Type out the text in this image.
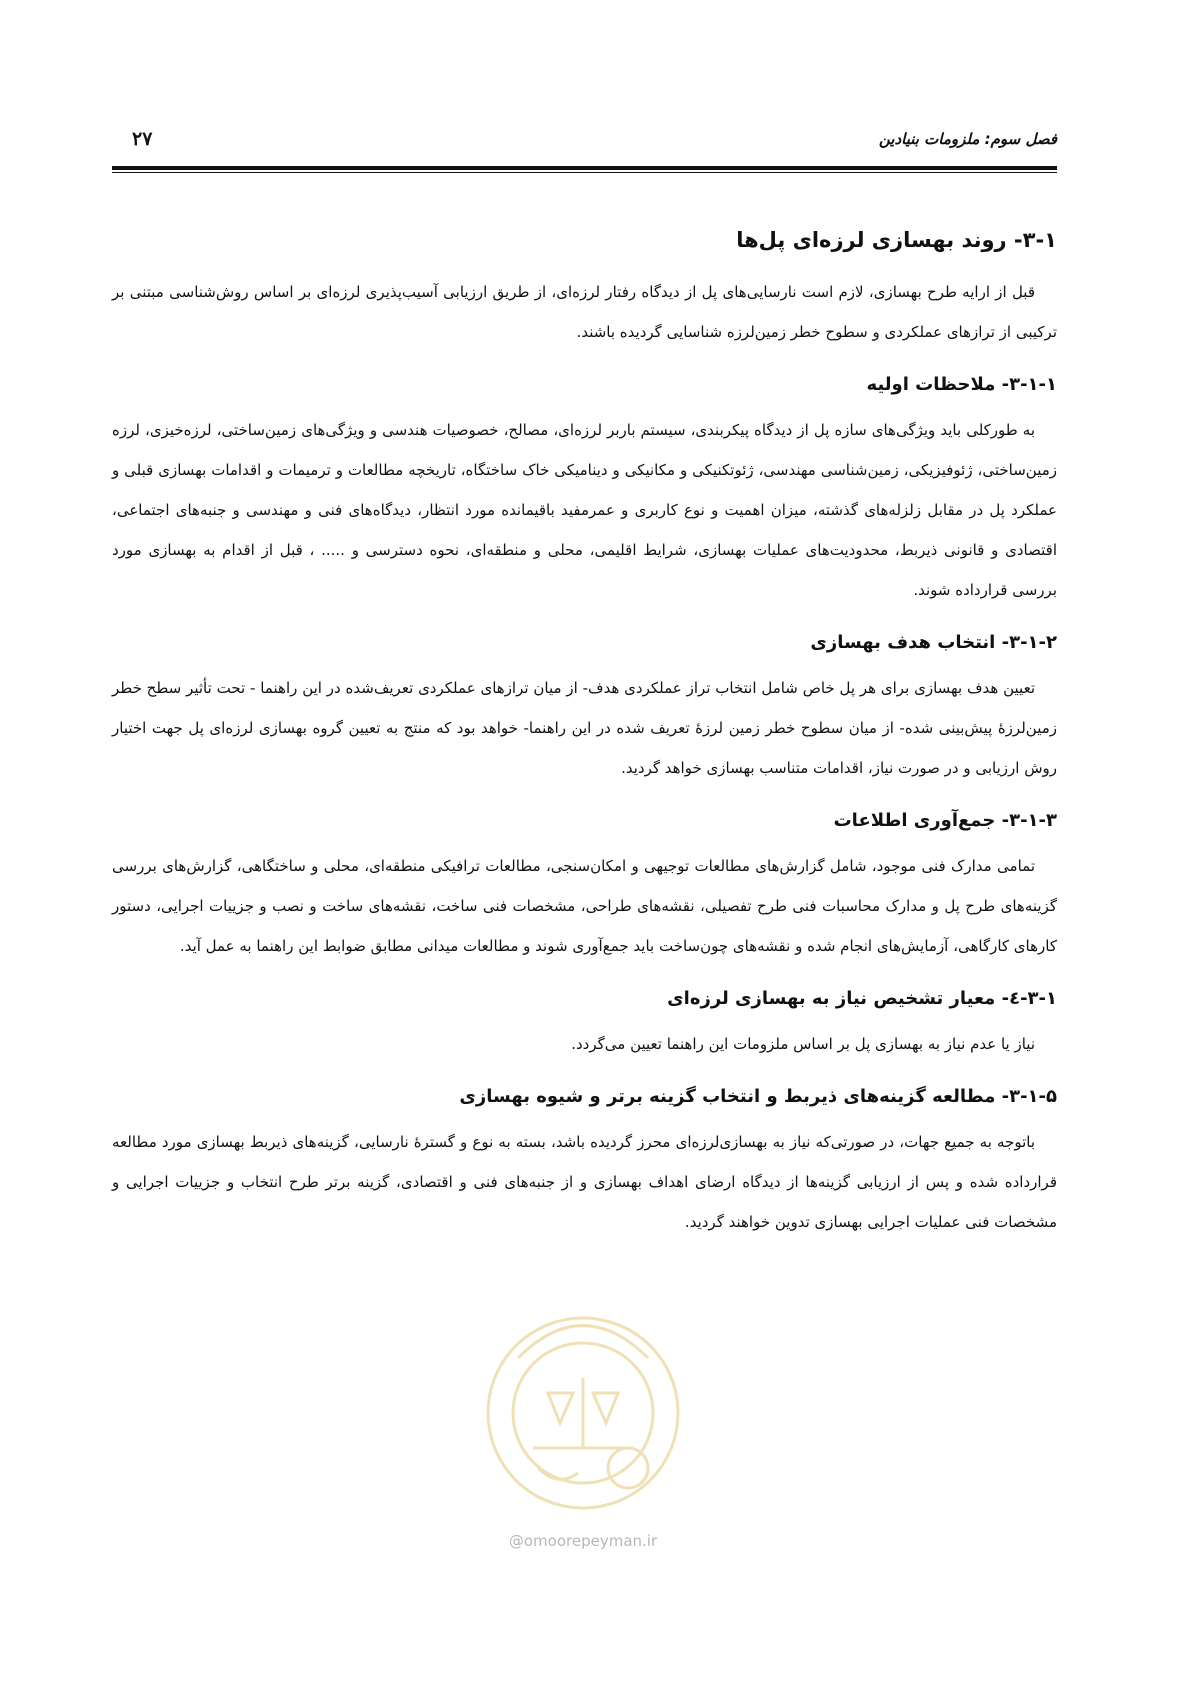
فصل سوم: ملزومات بنیادین
۲۷
۳-۱- روند بهسازی لرزه‌ای پل‌ها

قبل از ارایه طرح بهسازی، لازم است نارسایی‌های پل از دیدگاه رفتار لرزه‌ای، از طریق ارزیابی آسیب‌پذیری لرزه‌ای بر اساس روش‌شناسی مبتنی بر ترکیبی از ترازهای عملکردی و سطوح خطر زمین‌لرزه شناسایی گردیده باشند.

۳-۱-۱- ملاحظات اولیه

به طورکلی باید ویژگی‌های سازه پل از دیدگاه پیکربندی، سیستم باربر لرزه‌ای، مصالح، خصوصیات هندسی و ویژگی‌های زمین‌ساختی، لرزه‌خیزی، لرزه زمین‌ساختی، ژئوفیزیکی، زمین‌شناسی مهندسی، ژئوتکنیکی و مکانیکی و دینامیکی خاک ساختگاه، تاریخچه مطالعات و ترمیمات و اقدامات بهسازی قبلی و عملکرد پل در مقابل زلزله‌های گذشته، میزان اهمیت و نوع کاربری و عمرمفید باقیمانده مورد انتظار، دیدگاه‌های فنی و مهندسی و جنبه‌های اجتماعی، اقتصادی و قانونی ذیربط، محدودیت‌های عملیات بهسازی، شرایط اقلیمی، محلی و منطقه‌ای، نحوه دسترسی و ..... ، قبل از اقدام به بهسازی مورد بررسی قرارداده شوند.

۳-۱-۲- انتخاب هدف بهسازی

تعیین هدف بهسازی برای هر پل خاص شامل انتخاب تراز عملکردی هدف- از میان ترازهای عملکردی تعریف‌شده در این راهنما - تحت تأثیر سطح خطر زمین‌لرزهٔ پیش‌بینی شده- از میان سطوح خطر زمین لرزهٔ تعریف شده در این راهنما- خواهد بود که منتج به تعیین گروه بهسازی لرزه‌ای پل جهت اختیار روش ارزیابی و در صورت نیاز، اقدامات متناسب بهسازی خواهد گردید.

۳-۱-۳- جمع‌آوری اطلاعات

تمامی مدارک فنی موجود، شامل گزارش‌های مطالعات توجیهی و امکان‌سنجی، مطالعات ترافیکی منطقه‌ای، محلی و ساختگاهی، گزارش‌های بررسی گزینه‌های طرح پل و مدارک محاسبات فنی طرح تفصیلی، نقشه‌های طراحی، مشخصات فنی ساخت، نقشه‌های ساخت و نصب و جزییات اجرایی، دستور کارهای کارگاهی، آزمایش‌های انجام شده و نقشه‌های چون‌ساخت باید جمع‌آوری شوند و مطالعات میدانی مطابق ضوابط این راهنما به عمل آید.

۳-۱-٤- معیار تشخیص نیاز به بهسازی لرزه‌ای

نیاز یا عدم نیاز به بهسازی پل بر اساس ملزومات این راهنما تعیین می‌گردد.

۳-۱-۵- مطالعه گزینه‌های ذیربط و انتخاب گزینه برتر و شیوه بهسازی

باتوجه به جمیع جهات، در صورتی‌که نیاز به بهسازی‌لرزه‌ای محرز گردیده باشد، بسته به نوع و گسترهٔ نارسایی، گزینه‌های ذیربط بهسازی مورد مطالعه قرارداده شده و پس از ارزیابی گزینه‌ها از دیدگاه ارضای اهداف بهسازی و از جنبه‌های فنی و اقتصادی، گزینه برتر طرح انتخاب و جزییات اجرایی و مشخصات فنی عملیات اجرایی بهسازی تدوین خواهند گردید.

@omoorepeyman.ir
